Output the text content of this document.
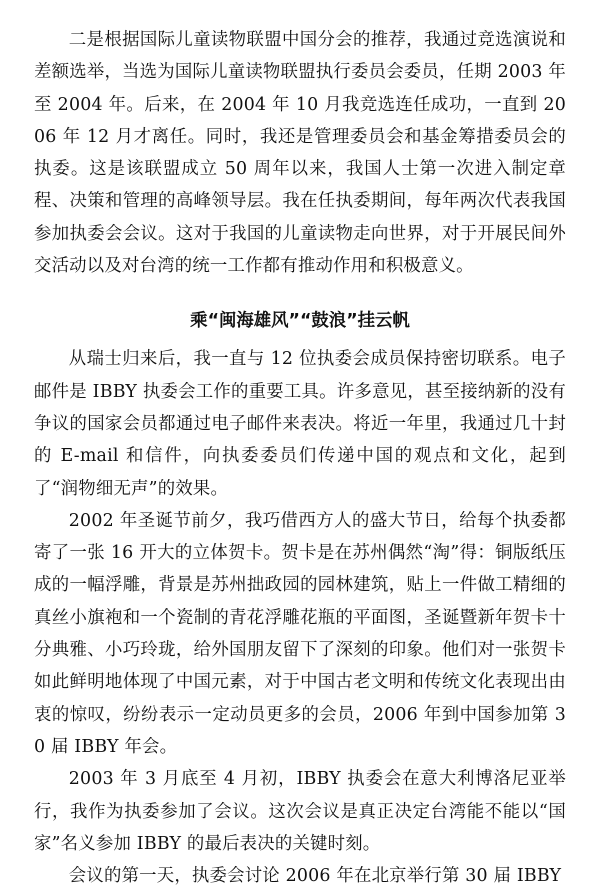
二是根据国际儿童读物联盟中国分会的推荐，我通过竞选演说和差额选举，当选为国际儿童读物联盟执行委员会委员，任期 2003 年至 2004 年。后来，在 2004 年 10 月我竞选连任成功，一直到 2006 年 12 月才离任。同时，我还是管理委员会和基金筹措委员会的执委。这是该联盟成立 50 周年以来，我国人士第一次进入制定章程、决策和管理的高峰领导层。我在任执委期间，每年两次代表我国参加执委会会议。这对于我国的儿童读物走向世界，对于开展民间外交活动以及对台湾的统一工作都有推动作用和积极意义。

乘“闽海雄风”“鼓浪”挂云帆

从瑞士归来后，我一直与 12 位执委会成员保持密切联系。电子邮件是 IBBY 执委会工作的重要工具。许多意见，甚至接纳新的没有争议的国家会员都通过电子邮件来表决。将近一年里，我通过几十封的 E-mail 和信件，向执委委员们传递中国的观点和文化，起到了“润物细无声”的效果。

2002 年圣诞节前夕，我巧借西方人的盛大节日，给每个执委都寄了一张 16 开大的立体贺卡。贺卡是在苏州偶然“淘”得：铜版纸压成的一幅浮雕，背景是苏州拙政园的园林建筑，贴上一件做工精细的真丝小旗袍和一个瓷制的青花浮雕花瓶的平面图，圣诞暨新年贺卡十分典雅、小巧玲珑，给外国朋友留下了深刻的印象。他们对一张贺卡如此鲜明地体现了中国元素，对于中国古老文明和传统文化表现出由衷的惊叹，纷纷表示一定动员更多的会员，2006 年到中国参加第 30 届 IBBY 年会。

2003 年 3 月底至 4 月初，IBBY 执委会在意大利博洛尼亚举行，我作为执委参加了会议。这次会议是真正决定台湾能不能以“国家”名义参加 IBBY 的最后表决的关键时刻。

会议的第一天，执委会讨论 2006 年在北京举行第 30 届 IBBY
